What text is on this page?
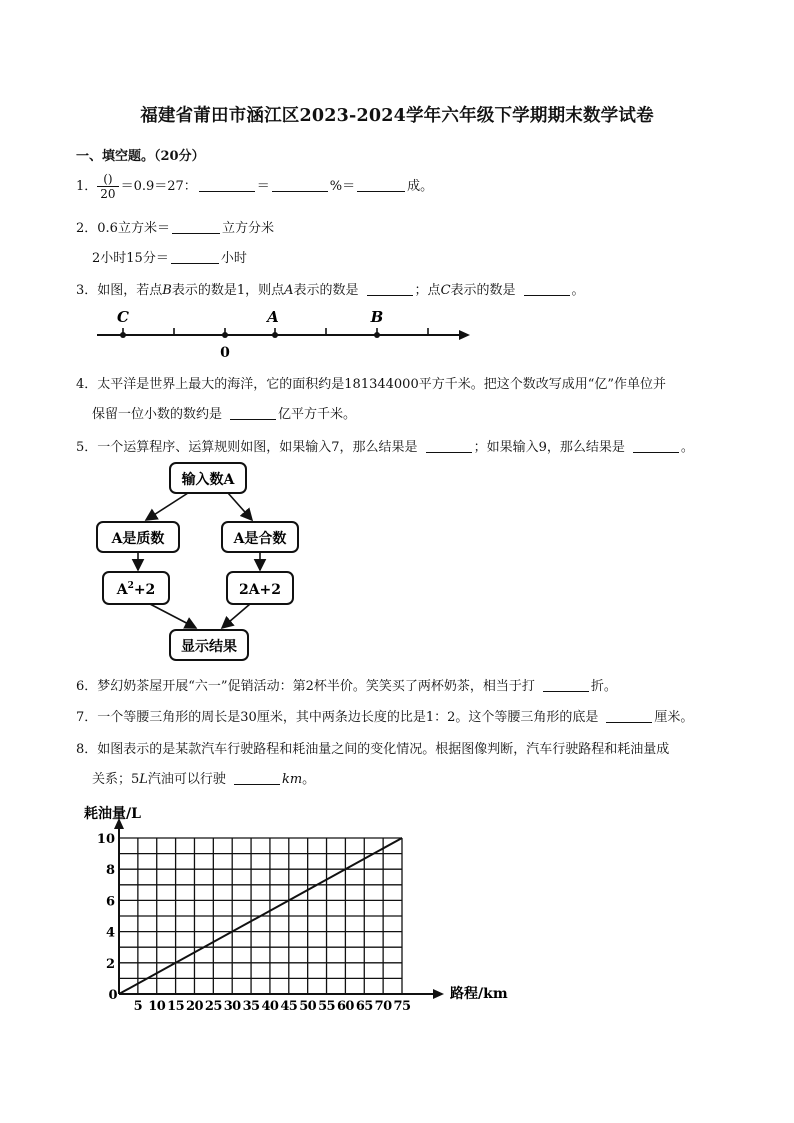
福建省莆田市涵江区2023-2024学年六年级下学期期末数学试卷
一、填空题。（20分）
1． $\frac{()}{20} =0.9=27$：	＝	%＝	成。
2．0.6立方米＝	立方分米
2小时15分＝	小时
3．如图，若点B表示的数是1，则点A表示的数是	；点C表示的数是	。
C	A	B
0
4．太平洋是世界上最大的海洋，它的面积约是181344000平方千米。把这个数改写成用“亿”作单位并
保留一位小数的数约是	亿平方千米。
5．一个运算程序、运算规则如图，如果输入7，那么结果是	；如果输入9，那么结果是	。
输入数A
A是质数	A是合数
$A^2+2$	2A+2
显示结果
6．梦幻奶茶屋开展“六一”促销活动：第2杯半价。笑笑买了两杯奶茶，相当于打	折。
7．一个等腰三角形的周长是30厘米，其中两条边长度的比是1：2。这个等腰三角形的底是	厘米。
8．如图表示的是某款汽车行驶路程和耗油量之间的变化情况。根据图像判断，汽车行驶路程和耗油量成
关系；5L汽油可以行驶	km。
5 10 15 20 25 30 35 40 45 50 55 60 65 70 75
2
4
6
8
10
耗油量/L
路程/km
0
